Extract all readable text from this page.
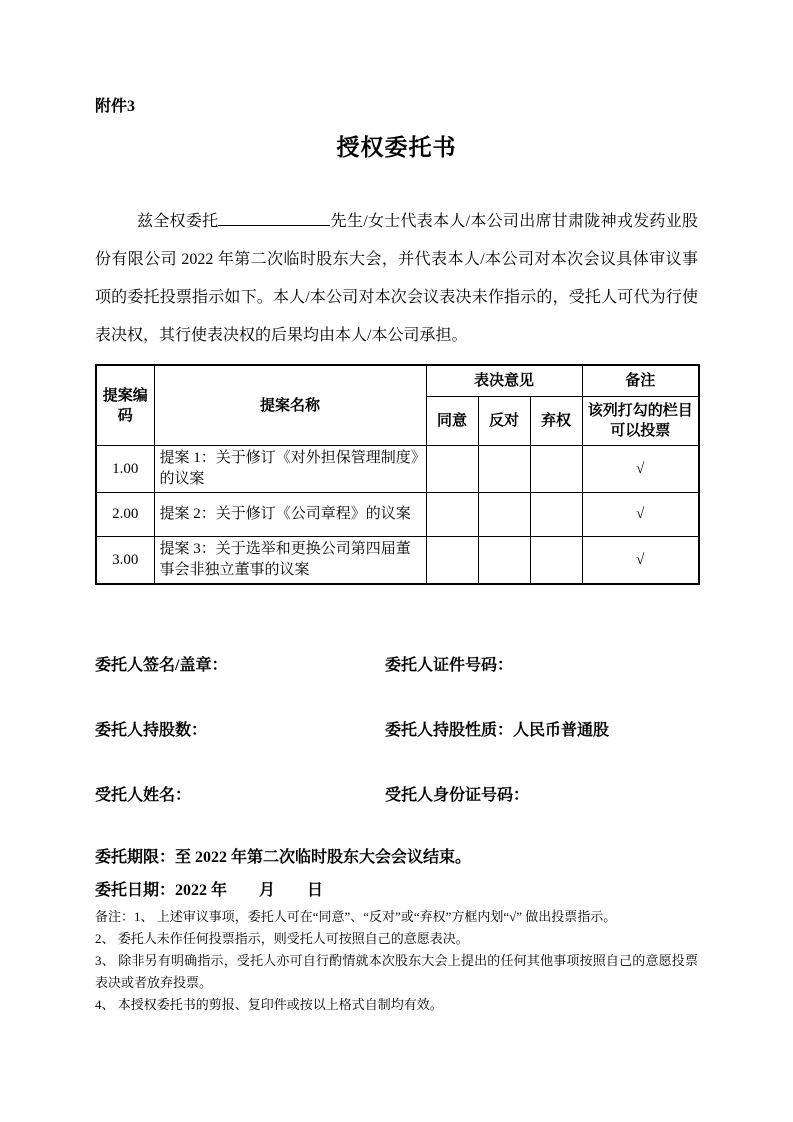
附件3
授权委托书

兹全权委托	先生/女士代表本人/本公司出席甘肃陇神戎发药业股份有限公司 2022 年第二次临时股东大会，并代表本人/本公司对本次会议具体审议事项的委托投票指示如下。本人/本公司对本次会议表决未作指示的，受托人可代为行使表决权，其行使表决权的后果均由本人/本公司承担。

提案编码	提案名称	表决意见			备注
		同意	反对	弃权	该列打勾的栏目可以投票
1.00	提案 1：关于修订《对外担保管理制度》的议案				√
2.00	提案 2：关于修订《公司章程》的议案				√
3.00	提案 3：关于选举和更换公司第四届董事会非独立董事的议案				√
委托人签名/盖章：	委托人证件号码：
委托人持股数：	委托人持股性质：人民币普通股
受托人姓名：	受托人身份证号码：
委托期限：至 2022 年第二次临时股东大会会议结束。
委托日期：2022 年　　月　　日
备注：1、 上述审议事项，委托人可在“同意”、“反对”或“弃权”方框内划“√” 做出投票指示。
2、 委托人未作任何投票指示，则受托人可按照自己的意愿表决。
3、 除非另有明确指示，受托人亦可自行酌情就本次股东大会上提出的任何其他事项按照自己的意愿投票表决或者放弃投票。
4、 本授权委托书的剪报、复印件或按以上格式自制均有效。
